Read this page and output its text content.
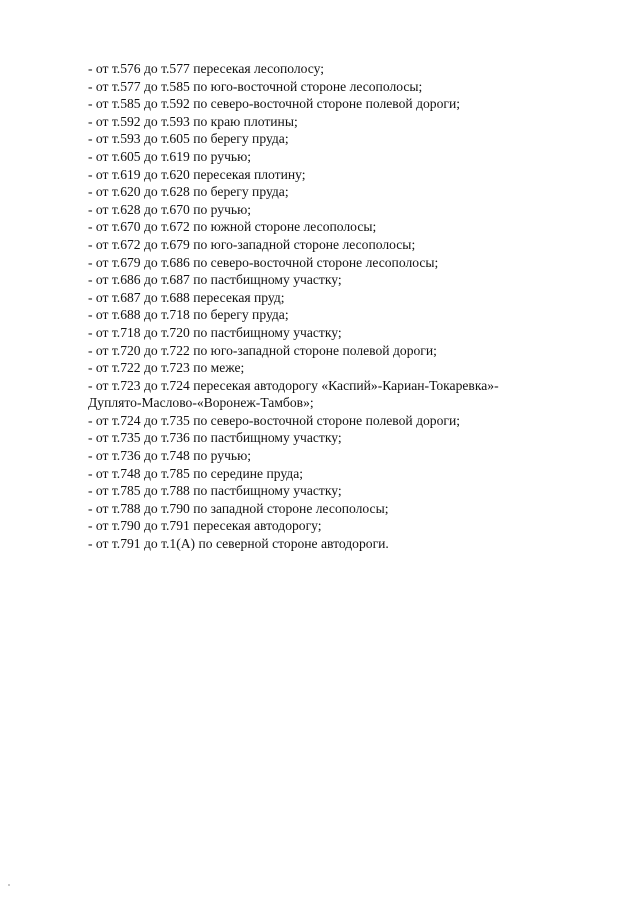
- от т.576 до т.577 пересекая лесополосу;

- от т.577 до т.585 по юго-восточной стороне лесополосы;

- от т.585 до т.592 по северо-восточной стороне полевой дороги;

- от т.592 до т.593 по краю плотины;

- от т.593 до т.605 по берегу пруда;

- от т.605 до т.619 по ручью;

- от т.619 до т.620 пересекая плотину;

- от т.620 до т.628 по берегу пруда;

- от т.628 до т.670 по ручью;

- от т.670 до т.672 по южной стороне лесополосы;

- от т.672 до т.679 по юго-западной стороне лесополосы;

- от т.679 до т.686 по северо-восточной стороне лесополосы;

- от т.686 до т.687 по пастбищному участку;

- от т.687 до т.688 пересекая пруд;

- от т.688 до т.718 по берегу пруда;

- от т.718 до т.720 по пастбищному участку;

- от т.720 до т.722 по юго-западной стороне полевой дороги;

- от т.722 до т.723 по меже;

- от т.723 до т.724 пересекая автодорогу «Каспий»-Кариан-Токаревка»-

Дуплято-Маслово-«Воронеж-Тамбов»;

- от т.724 до т.735 по северо-восточной стороне полевой дороги;

- от т.735 до т.736 по пастбищному участку;

- от т.736 до т.748 по ручью;

- от т.748 до т.785 по середине пруда;

- от т.785 до т.788 по пастбищному участку;

- от т.788 до т.790 по западной стороне лесополосы;

- от т.790 до т.791 пересекая автодорогу;

- от т.791 до т.1(А) по северной стороне автодороги.
